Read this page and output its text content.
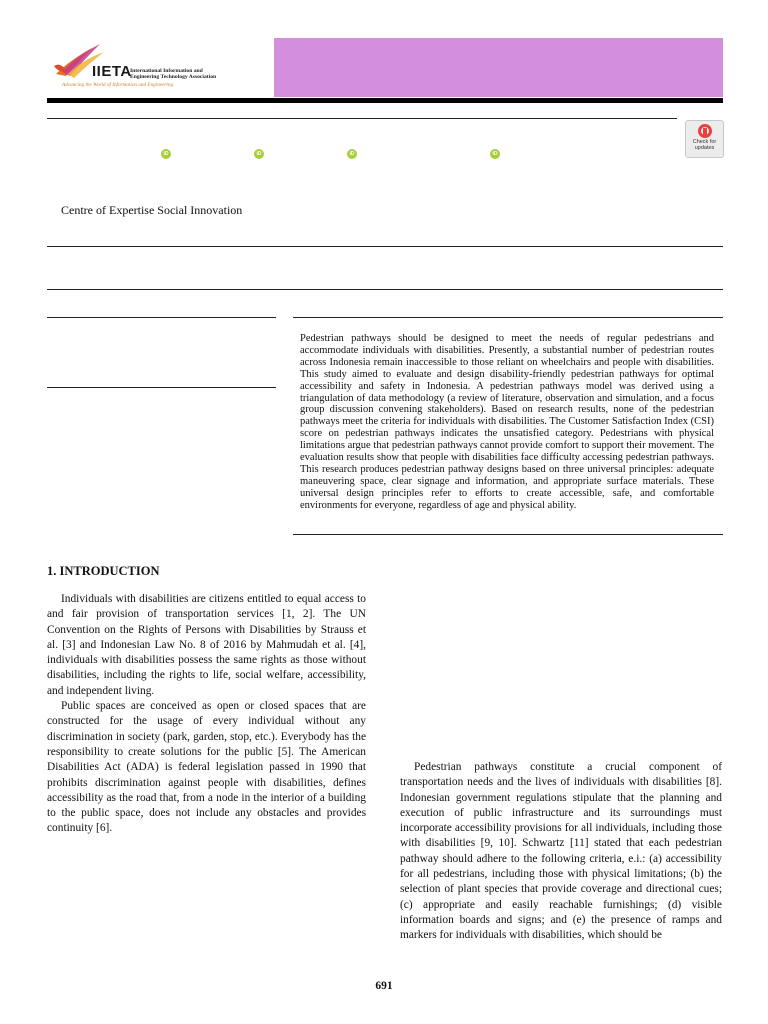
IIETA
International Information and
Engineering Technology Association
Advancing the World of Information and Engineering
iD	iD	iD	iD
Check for
updates
Centre of Expertise Social Innovation
Pedestrian pathways should be designed to meet the needs of regular pedestrians and accommodate individuals with disabilities. Presently, a substantial number of pedestrian routes across Indonesia remain inaccessible to those reliant on wheelchairs and people with disabilities. This study aimed to evaluate and design disability-friendly pedestrian pathways for optimal accessibility and safety in Indonesia. A pedestrian pathways model was derived using a triangulation of data methodology (a review of literature, observation and simulation, and a focus group discussion convening stakeholders). Based on research results, none of the pedestrian pathways meet the criteria for individuals with disabilities. The Customer Satisfaction Index (CSI) score on pedestrian pathways indicates the unsatisfied category. Pedestrians with physical limitations argue that pedestrian pathways cannot provide comfort to support their movement. The evaluation results show that people with disabilities face difficulty accessing pedestrian pathways. This research produces pedestrian pathway designs based on three universal principles: adequate maneuvering space, clear signage and information, and appropriate surface materials. These universal design principles refer to efforts to create accessible, safe, and comfortable environments for everyone, regardless of age and physical ability.
1. INTRODUCTION

Individuals with disabilities are citizens entitled to equal access to and fair provision of transportation services [1, 2]. The UN Convention on the Rights of Persons with Disabilities by Strauss et al. [3] and Indonesian Law No. 8 of 2016 by Mahmudah et al. [4], individuals with disabilities possess the same rights as those without disabilities, including the rights to life, social welfare, accessibility, and independent living.

Public spaces are conceived as open or closed spaces that are constructed for the usage of every individual without any discrimination in society (park, garden, stop, etc.). Everybody has the responsibility to create solutions for the public [5]. The American Disabilities Act (ADA) is federal legislation passed in 1990 that prohibits discrimination against people with disabilities, defines accessibility as the road that, from a node in the interior of a building to the public space, does not include any obstacles and provides continuity [6].

Pedestrian pathways constitute a crucial component of transportation needs and the lives of individuals with disabilities [8]. Indonesian government regulations stipulate that the planning and execution of public infrastructure and its surroundings must incorporate accessibility provisions for all individuals, including those with disabilities [9, 10]. Schwartz [11] stated that each pedestrian pathway should adhere to the following criteria, e.i.: (a) accessibility for all pedestrians, including those with physical limitations; (b) the selection of plant species that provide coverage and directional cues; (c) appropriate and easily reachable furnishings; (d) visible information boards and signs; and (e) the presence of ramps and markers for individuals with disabilities, which should be

691
